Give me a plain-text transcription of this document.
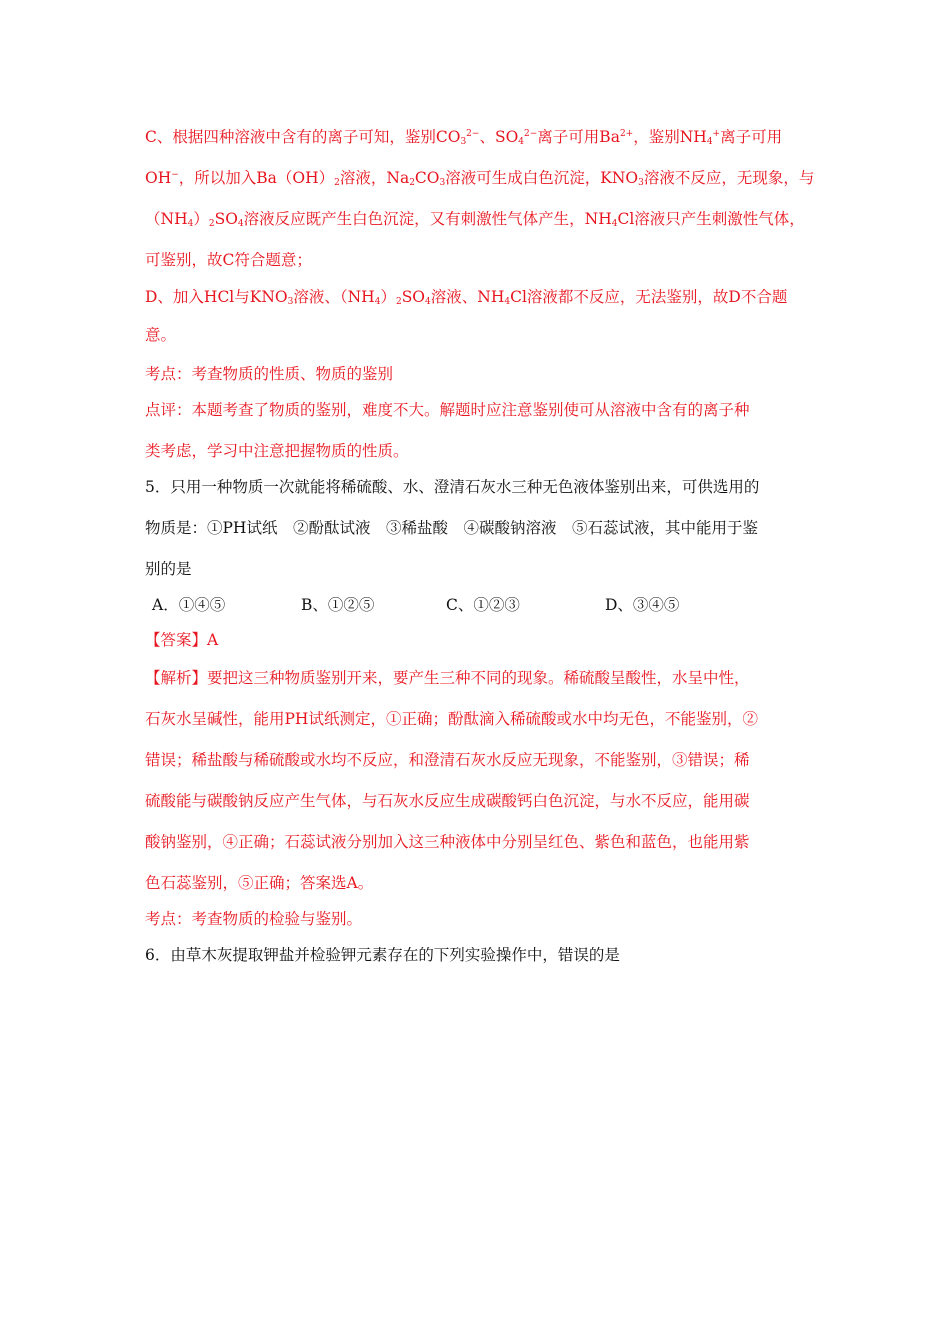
C、根据四种溶液中含有的离子可知，鉴别$CO_3^{2-}$、$SO_4^{2-}$离子可用$Ba^{2+}$，鉴别$NH_4^+$离子可用
OH−，所以加入$Ba(OH)_2$溶液，$Na_2CO_3$溶液可生成白色沉淀，$KNO_3$溶液不反应，无现象，与
$(NH_4)_2SO_4$溶液反应既产生白色沉淀，又有刺激性气体产生，$NH_4Cl$溶液只产生刺激性气体，
可鉴别，故C符合题意；
D、加入HCl与$KNO_3$溶液、$(NH_4)_2SO_4$溶液、$NH_4Cl$溶液都不反应，无法鉴别，故D不合题
意。
考点：考查物质的性质、物质的鉴别
点评：本题考查了物质的鉴别，难度不大。解题时应注意鉴别使可从溶液中含有的离子种
类考虑，学习中注意把握物质的性质。
5．只用一种物质一次就能将稀硫酸、水、澄清石灰水三种无色液体鉴别出来，可供选用的
物质是：①PH试纸　②酚酞试液　③稀盐酸　④碳酸钠溶液　⑤石蕊试液，其中能用于鉴
别的是
A．①④⑤	B、①②⑤	C、①②③	D、③④⑤
【答案】A
【解析】要把这三种物质鉴别开来，要产生三种不同的现象。稀硫酸呈酸性，水呈中性，
石灰水呈碱性，能用PH试纸测定，①正确；酚酞滴入稀硫酸或水中均无色，不能鉴别，②
错误；稀盐酸与稀硫酸或水均不反应，和澄清石灰水反应无现象，不能鉴别，③错误；稀
硫酸能与碳酸钠反应产生气体，与石灰水反应生成碳酸钙白色沉淀，与水不反应，能用碳
酸钠鉴别，④正确；石蕊试液分别加入这三种液体中分别呈红色、紫色和蓝色，也能用紫
色石蕊鉴别，⑤正确；答案选A。
考点：考查物质的检验与鉴别。
6．由草木灰提取钾盐并检验钾元素存在的下列实验操作中，错误的是
